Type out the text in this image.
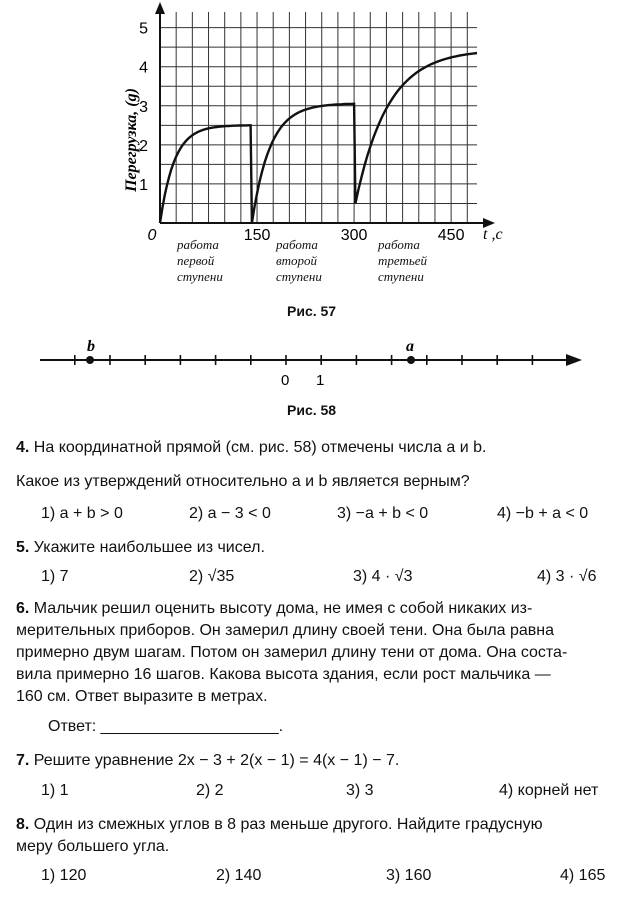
Перегрузка, (g)
t ,c
1
2
3
4
5
0	150	300	450
работа
первой
ступени
работа
второй
ступени
работа
третьей
ступени
Рис. 57
b	a
0 1
Рис. 58
4. На координатной прямой (см. рис. 58) отмечены числа a и b.
Какое из утверждений относительно a и b является верным?
1) a + b > 0	2) a − 3 < 0	3) −a + b < 0	4) −b + a < 0
5. Укажите наибольшее из чисел.
1) 7	2) √35	3) 4 · √3	4) 3 · √6
6. Мальчик решил оценить высоту дома, не имея с собой никаких из-
мерительных приборов. Он замерил длину своей тени. Она была равна
примерно двум шагам. Потом он замерил длину тени от дома. Она соста-
вила примерно 16 шагов. Какова высота здания, если рост мальчика —
160 см. Ответ выразите в метрах.
Ответ: ____________________.
7. Решите уравнение 2x − 3 + 2(x − 1) = 4(x − 1) − 7.
1) 1	2) 2	3) 3	4) корней нет
8. Один из смежных углов в 8 раз меньше другого. Найдите градусную
меру большего угла.
1) 120	2) 140	3) 160	4) 165
